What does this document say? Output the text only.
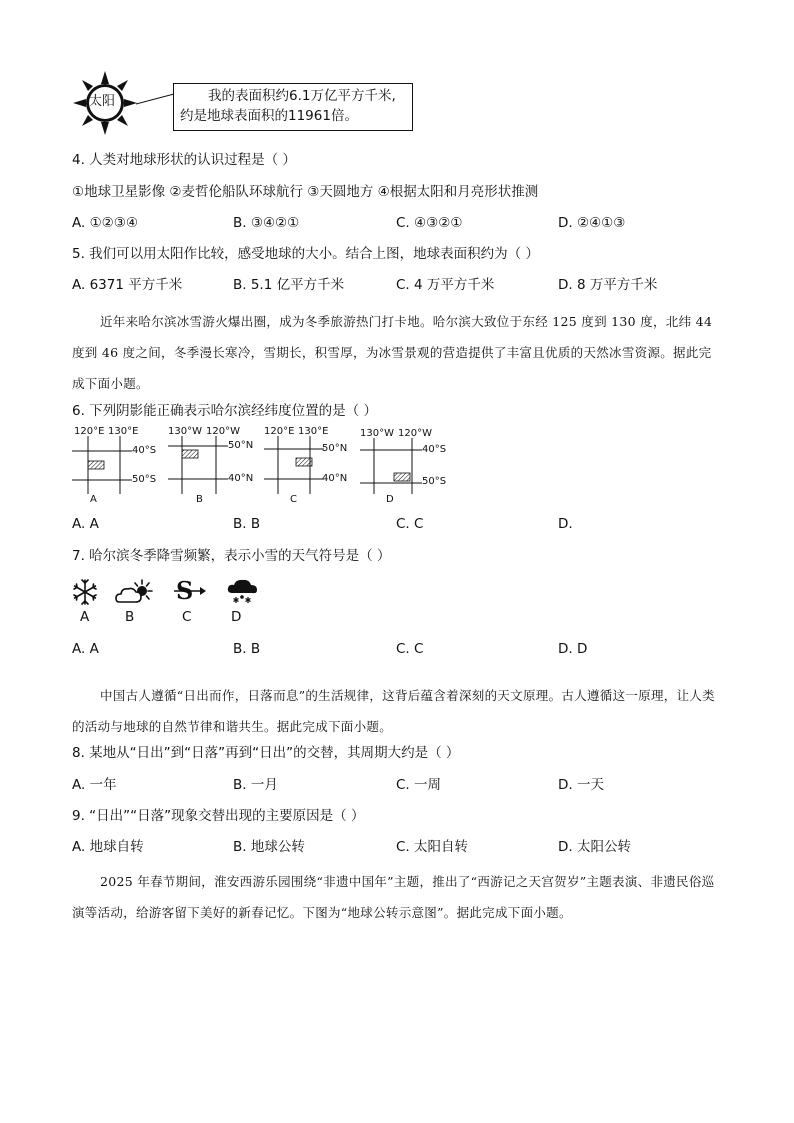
太阳	我的表面积约6.1万亿平方千米,
约是地球表面积的11961倍。
4. 人类对地球形状的认识过程是（ ）
①地球卫星影像 ②麦哲伦船队环球航行 ③天圆地方 ④根据太阳和月亮形状推测
A. ①②③④	B. ③④②①	C. ④③②①	D. ②④①③
5. 我们可以用太阳作比较，感受地球的大小。结合上图，地球表面积约为（ ）
A. 6371 平方千米	B. 5.1 亿平方千米	C. 4 万平方千米	D. 8 万平方千米
近年来哈尔滨冰雪游火爆出圈，成为冬季旅游热门打卡地。哈尔滨大致位于东经 125 度到 130 度，北纬 44 度到 46 度之间，冬季漫长寒冷，雪期长，积雪厚，为冰雪景观的营造提供了丰富且优质的天然冰雪资源。据此完成下面小题。
6. 下列阴影能正确表示哈尔滨经纬度位置的是（ ）
120°E 130°E
40°S
50°S
A
130°W 120°W
50°N
40°N
B
120°E 130°E
50°N
40°N
C
130°W 120°W
40°S
50°S
D
A. A	B. B	C. C	D.
7. 哈尔滨冬季降雪频繁，表示小雪的天气符号是（ ）
S
A	B	C	D
A. A	B. B	C. C	D. D
中国古人遵循“日出而作，日落而息”的生活规律，这背后蕴含着深刻的天文原理。古人遵循这一原理，让人类的活动与地球的自然节律和谐共生。据此完成下面小题。
8. 某地从“日出”到“日落”再到“日出”的交替，其周期大约是（ ）
A. 一年	B. 一月	C. 一周	D. 一天
9. “日出”“日落”现象交替出现的主要原因是（ ）
A. 地球自转	B. 地球公转	C. 太阳自转	D. 太阳公转
2025 年春节期间，淮安西游乐园围绕“非遗中国年”主题，推出了“西游记之天宫贺岁”主题表演、非遗民俗巡演等活动，给游客留下美好的新春记忆。下图为“地球公转示意图”。据此完成下面小题。
